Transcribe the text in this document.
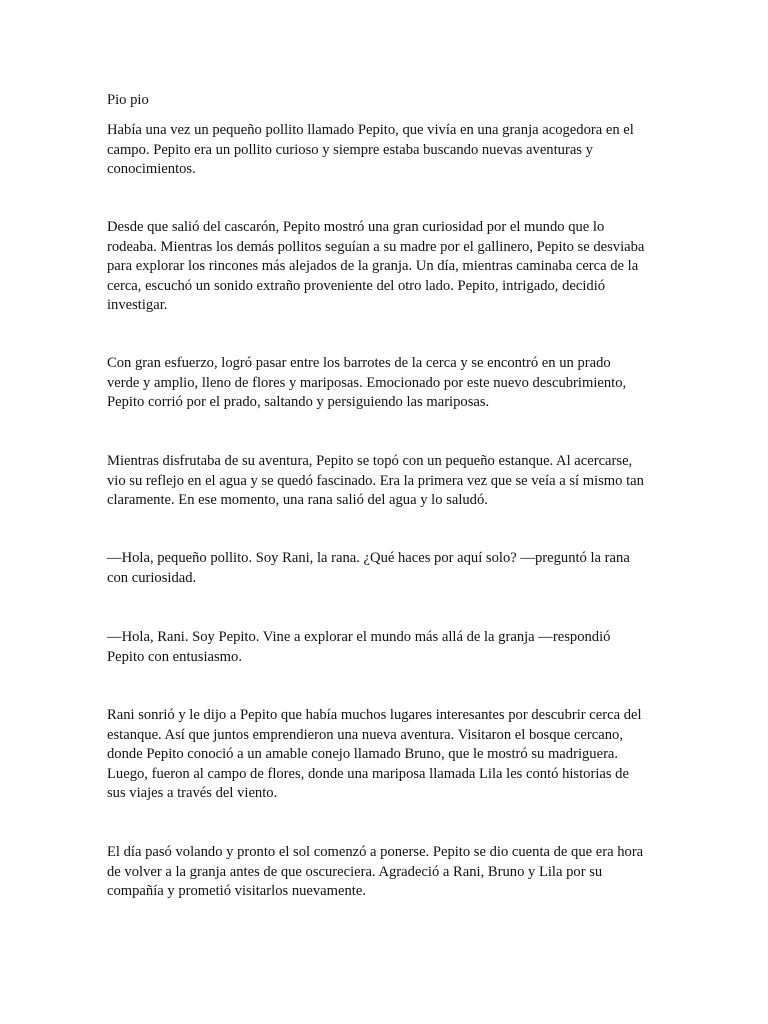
Pio pio

Había una vez un pequeño pollito llamado Pepito, que vivía en una granja acogedora en el
campo. Pepito era un pollito curioso y siempre estaba buscando nuevas aventuras y
conocimientos.

Desde que salió del cascarón, Pepito mostró una gran curiosidad por el mundo que lo
rodeaba. Mientras los demás pollitos seguían a su madre por el gallinero, Pepito se desviaba
para explorar los rincones más alejados de la granja. Un día, mientras caminaba cerca de la
cerca, escuchó un sonido extraño proveniente del otro lado. Pepito, intrigado, decidió
investigar.

Con gran esfuerzo, logró pasar entre los barrotes de la cerca y se encontró en un prado
verde y amplio, lleno de flores y mariposas. Emocionado por este nuevo descubrimiento,
Pepito corrió por el prado, saltando y persiguiendo las mariposas.

Mientras disfrutaba de su aventura, Pepito se topó con un pequeño estanque. Al acercarse,
vio su reflejo en el agua y se quedó fascinado. Era la primera vez que se veía a sí mismo tan
claramente. En ese momento, una rana salió del agua y lo saludó.

—Hola, pequeño pollito. Soy Rani, la rana. ¿Qué haces por aquí solo? —preguntó la rana
con curiosidad.

—Hola, Rani. Soy Pepito. Vine a explorar el mundo más allá de la granja —respondió
Pepito con entusiasmo.

Rani sonrió y le dijo a Pepito que había muchos lugares interesantes por descubrir cerca del
estanque. Así que juntos emprendieron una nueva aventura. Visitaron el bosque cercano,
donde Pepito conoció a un amable conejo llamado Bruno, que le mostró su madriguera.
Luego, fueron al campo de flores, donde una mariposa llamada Lila les contó historias de
sus viajes a través del viento.

El día pasó volando y pronto el sol comenzó a ponerse. Pepito se dio cuenta de que era hora
de volver a la granja antes de que oscureciera. Agradeció a Rani, Bruno y Lila por su
compañía y prometió visitarlos nuevamente.
